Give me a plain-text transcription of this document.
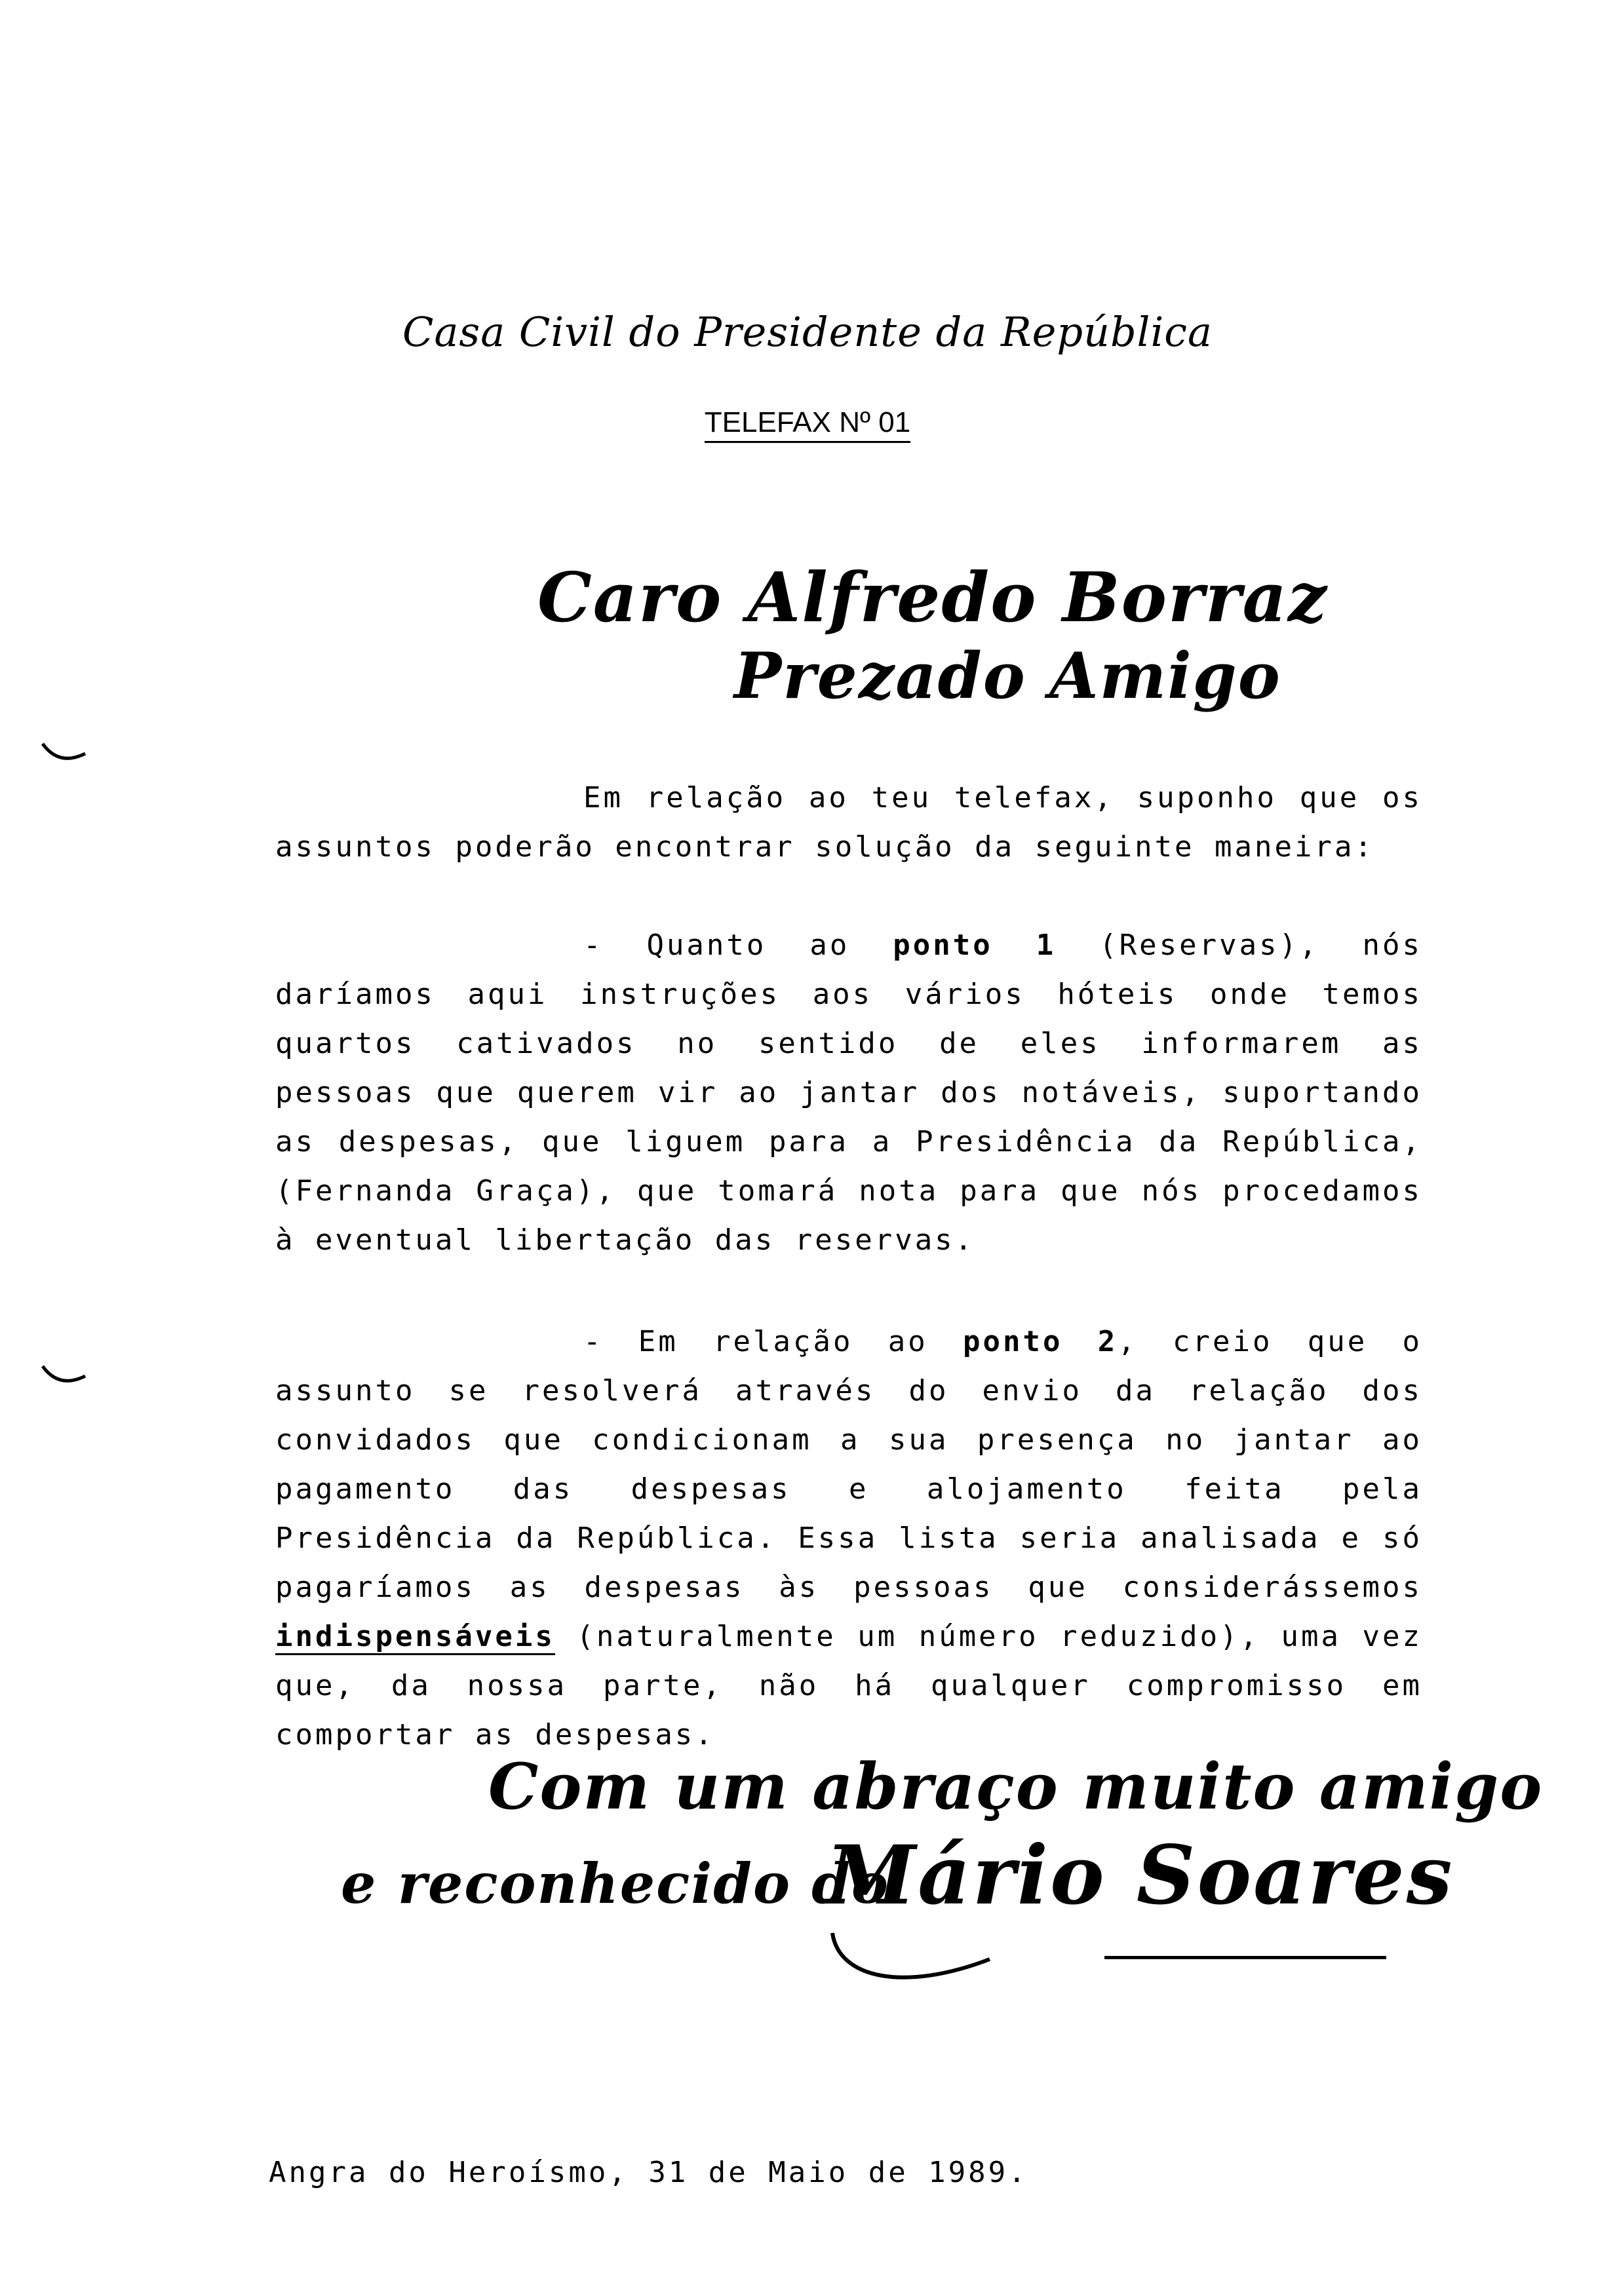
Casa Civil do Presidente da República
TELEFAX Nº 01
Caro Alfredo Borraz
Prezado Amigo

Em relação ao teu telefax, suponho que os assuntos poderão encontrar solução da seguinte maneira:

- Quanto ao ponto 1 (Reservas), nós daríamos aqui instruções aos vários hóteis onde temos quartos cativados no sentido de eles informarem as pessoas que querem vir ao jantar dos notáveis, suportando as despesas, que liguem para a Presidência da República, (Fernanda Graça), que tomará nota para que nós procedamos à eventual libertação das reservas.

- Em relação ao ponto 2, creio que o assunto se resolverá através do envio da relação dos convidados que condicionam a sua presença no jantar ao pagamento das despesas e alojamento feita pela Presidência da República. Essa lista seria analisada e só pagaríamos as despesas às pessoas que considerássemos indispensáveis (naturalmente um número reduzido), uma vez que, da nossa parte, não há qualquer compromisso em comportar as despesas.

Com um abraço muito amigo
e reconhecido do
Mário Soares
Angra do Heroísmo, 31 de Maio de 1989.
